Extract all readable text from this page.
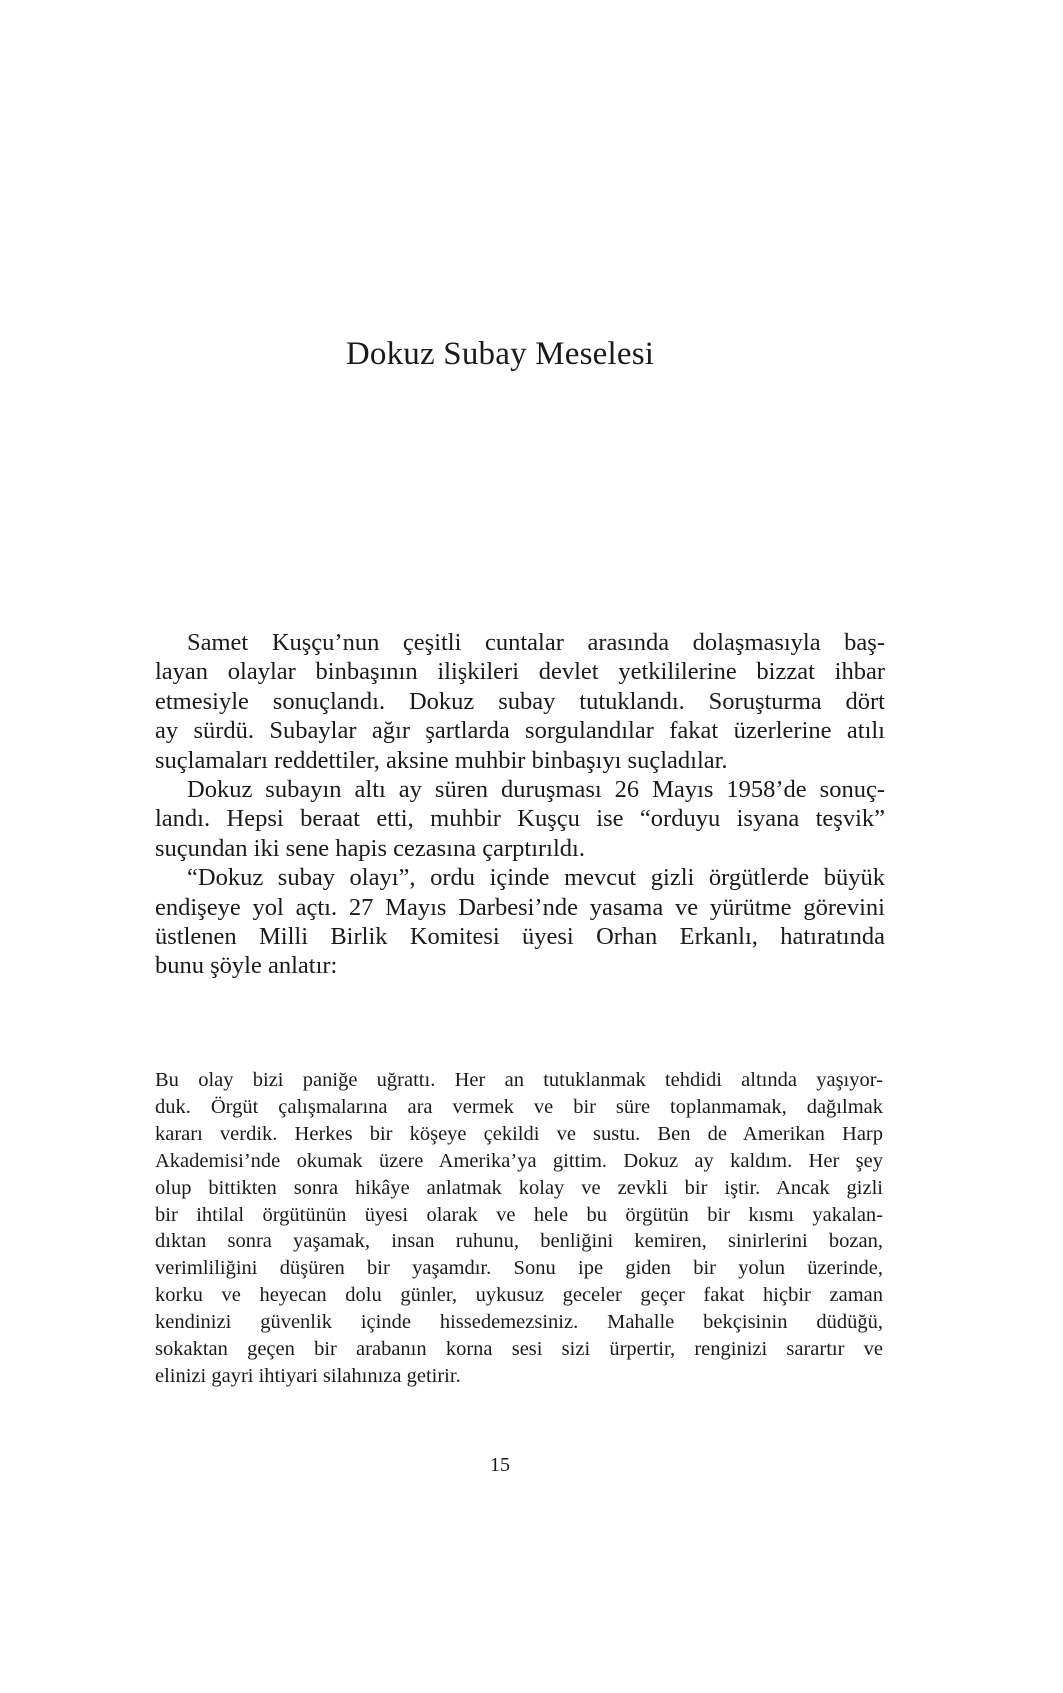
Dokuz Subay Meselesi
Samet Kuşçu’nun çeşitli cuntalar arasında dolaşmasıyla baş-
layan olaylar binbaşının ilişkileri devlet yetkililerine bizzat ihbar
etmesiyle sonuçlandı. Dokuz subay tutuklandı. Soruşturma dört
ay sürdü. Subaylar ağır şartlarda sorgulandılar fakat üzerlerine atılı
suçlamaları reddettiler, aksine muhbir binbaşıyı suçladılar.
Dokuz subayın altı ay süren duruşması 26 Mayıs 1958’de sonuç-
landı. Hepsi beraat etti, muhbir Kuşçu ise “orduyu isyana teşvik”
suçundan iki sene hapis cezasına çarptırıldı.
“Dokuz subay olayı”, ordu içinde mevcut gizli örgütlerde büyük
endişeye yol açtı. 27 Mayıs Darbesi’nde yasama ve yürütme görevini
üstlenen Milli Birlik Komitesi üyesi Orhan Erkanlı, hatıratında
bunu şöyle anlatır:
Bu olay bizi paniğe uğrattı. Her an tutuklanmak tehdidi altında yaşıyor-
duk. Örgüt çalışmalarına ara vermek ve bir süre toplanmamak, dağılmak
kararı verdik. Herkes bir köşeye çekildi ve sustu. Ben de Amerikan Harp
Akademisi’nde okumak üzere Amerika’ya gittim. Dokuz ay kaldım. Her şey
olup bittikten sonra hikâye anlatmak kolay ve zevkli bir iştir. Ancak gizli
bir ihtilal örgütünün üyesi olarak ve hele bu örgütün bir kısmı yakalan-
dıktan sonra yaşamak, insan ruhunu, benliğini kemiren, sinirlerini bozan,
verimliliğini düşüren bir yaşamdır. Sonu ipe giden bir yolun üzerinde,
korku ve heyecan dolu günler, uykusuz geceler geçer fakat hiçbir zaman
kendinizi güvenlik içinde hissedemezsiniz. Mahalle bekçisinin düdüğü,
sokaktan geçen bir arabanın korna sesi sizi ürpertir, renginizi sarartır ve
elinizi gayri ihtiyari silahınıza getirir.
15
